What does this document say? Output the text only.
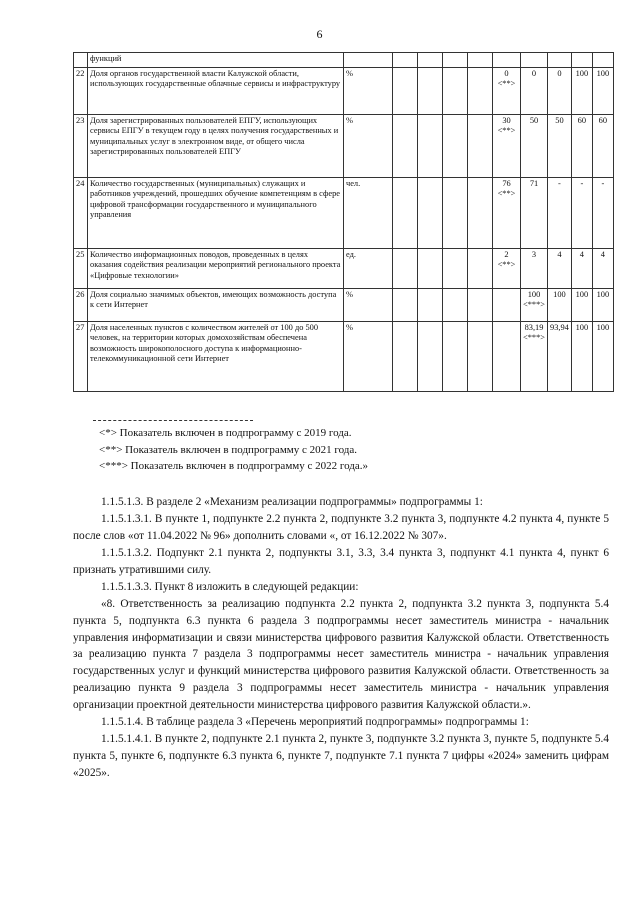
6
	функций										
22	Доля органов государственной власти Калужской области, использующих государственные облачные сервисы и инфраструктуру	%					0 <**>	0	0	100	100
23	Доля зарегистрированных пользователей ЕПГУ, использующих сервисы ЕПГУ в текущем году в целях получения государственных и муниципальных услуг в электронном виде, от общего числа зарегистрированных пользователей ЕПГУ	%					30 <**>	50	50	60	60
24	Количество государственных (муниципальных) служащих и работников учреждений, прошедших обучение компетенциям в сфере цифровой трансформации государственного и муниципального управления	чел.					76 <**>	71	-	-	-
25	Количество информационных поводов, проведенных в целях оказания содействия реализации мероприятий регионального проекта «Цифровые технологии»	ед.					2 <**>	3	4	4	4
26	Доля социально значимых объектов, имеющих возможность доступа к сети Интернет	%						100 <***>	100	100	100
27	Доля населенных пунктов с количеством жителей от 100 до 500 человек, на территории которых домохозяйствам обеспечена возможность широкополосного доступа к информационно-телекоммуникационной сети Интернет	%						83,19 <***>	93,94	100	100
<*> Показатель включен в подпрограмму с 2019 года.
<**> Показатель включен в подпрограмму с 2021 года.
<***> Показатель включен в подпрограмму с 2022 года.»

1.1.5.1.3. В разделе 2 «Механизм реализации подпрограммы» подпрограммы 1:

1.1.5.1.3.1. В пункте 1, подпункте 2.2 пункта 2, подпункте 3.2 пункта 3, подпункте 4.2 пункта 4, пункте 5 после слов «от 11.04.2022 № 96» дополнить словами «, от 16.12.2022 № 307».

1.1.5.1.3.2. Подпункт 2.1 пункта 2, подпункты 3.1, 3.3, 3.4 пункта 3, подпункт 4.1 пункта 4, пункт 6 признать утратившими силу.

1.1.5.1.3.3. Пункт 8 изложить в следующей редакции:

«8. Ответственность за реализацию подпункта 2.2 пункта 2, подпункта 3.2 пункта 3, подпункта 5.4 пункта 5, подпункта 6.3 пункта 6 раздела 3 подпрограммы несет заместитель министра - начальник управления информатизации и связи министерства цифрового развития Калужской области. Ответственность за реализацию пункта 7 раздела 3 подпрограммы несет заместитель министра - начальник управления государственных услуг и функций министерства цифрового развития Калужской области. Ответственность за реализацию пункта 9 раздела 3 подпрограммы несет заместитель министра - начальник управления организации проектной деятельности министерства цифрового развития Калужской области.».

1.1.5.1.4. В таблице раздела 3 «Перечень мероприятий подпрограммы» подпрограммы 1:

1.1.5.1.4.1. В пункте 2, подпункте 2.1 пункта 2, пункте 3, подпункте 3.2 пункта 3, пункте 5, подпункте 5.4 пункта 5, пункте 6, подпункте 6.3 пункта 6, пункте 7, подпункте 7.1 пункта 7 цифры «2024» заменить цифрам «2025».
